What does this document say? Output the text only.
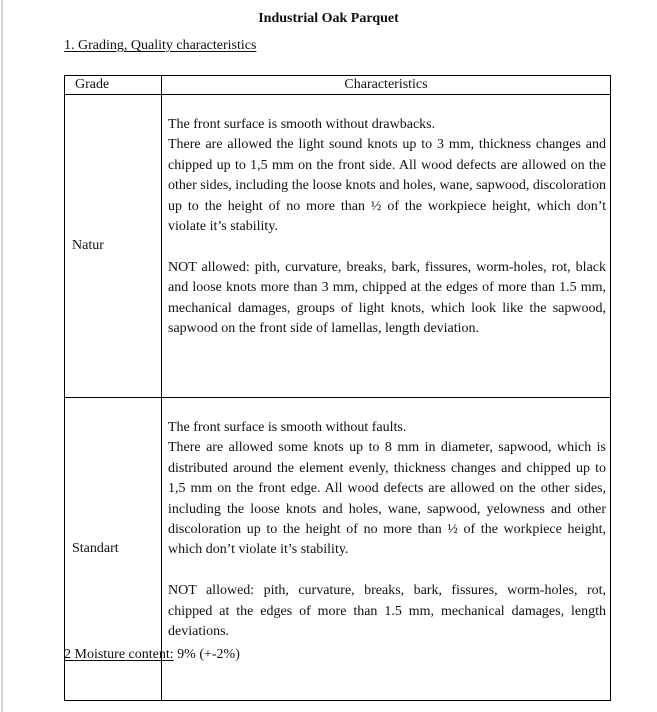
Industrial Oak Parquet
1. Grading, Quality characteristics
Grade	Characteristics
Natur	The front surface is smooth without drawbacks.

There are allowed the light sound knots up to 3 mm, thickness changes and chipped up to 1,5 mm on the front side. All wood defects are allowed on the other sides, including the loose knots and holes, wane, sapwood, discoloration up to the height of no more than ½ of the workpiece height, which don’t violate it’s stability.

NOT allowed: pith, curvature, breaks, bark, fissures, worm-holes, rot, black and loose knots more than 3 mm, chipped at the edges of more than 1.5 mm, mechanical damages, groups of light knots, which look like the sapwood, sapwood on the front side of lamellas, length deviation.

Standart	The front surface is smooth without faults.

There are allowed some knots up to 8 mm in diameter, sapwood, which is distributed around the element evenly, thickness changes and chipped up to 1,5 mm on the front edge. All wood defects are allowed on the other sides, including the loose knots and holes, wane, sapwood, yelowness and other discoloration up to the height of no more than ½ of the workpiece height, which don’t violate it’s stability.

NOT allowed: pith, curvature, breaks, bark, fissures, worm-holes, rot, chipped at the edges of more than 1.5 mm, mechanical damages, length deviations.

2 Moisture content: 9% (+-2%)
